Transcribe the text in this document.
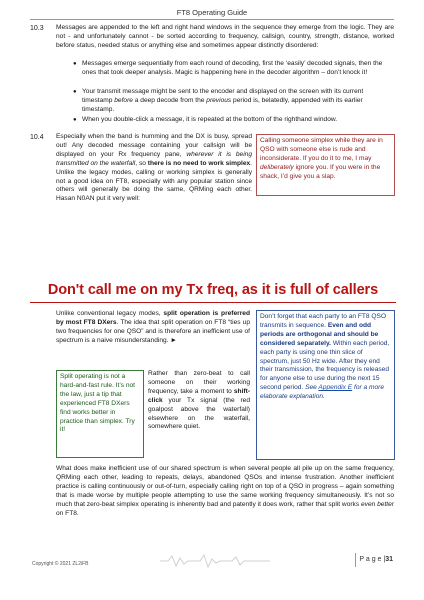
FT8 Operating Guide
10.3 Messages are appended to the left and right hand windows in the sequence they emerge from the logic. They are not - and unfortunately cannot - be sorted according to frequency, callsign, country, strength, distance, worked before status, needed status or anything else and sometimes appear distinctly disordered:
● Messages emerge sequentially from each round of decoding, first the ‘easily’ decoded signals, then the ones that took deeper analysis. Magic is happening here in the decoder algorithm – don’t knock it!
● Your transmit message might be sent to the encoder and displayed on the screen with its current timestamp before a deep decode from the previous period is, belatedly, appended with its earlier timestamp.
● When you double-click a message, it is repeated at the bottom of the righthand window.
10.4 Especially when the band is humming and the DX is busy, spread out! Any decoded message containing your callsign will be displayed on your Rx frequency pane, wherever it is being transmitted on the waterfall, so there is no need to work simplex. Unlike the legacy modes, calling or working simplex is generally not a good idea on FT8, especially with any popular station since others will generally be doing the same, QRMing each other. Hasan N0AN put it very well:
Calling someone simplex while they are in QSO with someone else is rude and inconsiderate. If you do it to me, I may deliberately ignore you. If you were in the shack, I’d give you a slap.
Don't call me on my Tx freq, as it is full of callers
Unlike conventional legacy modes, split operation is preferred by most FT8 DXers. The idea that split operation on FT8 “ties up two frequencies for one QSO” and is therefore an inefficient use of spectrum is a naive misunderstanding. ►
Split operating is not a hard-and-fast rule. It’s not the law, just a tip that experienced FT8 DXers find works better in practice than simplex. Try it!
Rather than zero-beat to call someone on their working frequency, take a moment to shift-click your Tx signal (the red goalpost above the waterfall) elsewhere on the waterfall, somewhere quiet.
Don’t forget that each party to an FT8 QSO transmits in sequence. Even and odd periods are orthogonal and should be considered separately. Within each period, each party is using one thin slice of spectrum, just 50 Hz wide. After they end their transmission, the frequency is released for anyone else to use during the next 15 second period. See Appendix E for a more elaborate explanation.
What does make inefficient use of our shared spectrum is when several people all pile up on the same frequency, QRMing each other, leading to repeats, delays, abandoned QSOs and intense frustration. Another inefficient practice is calling continuously or out-of-turn, especially calling right on top of a QSO in progress – again something that is made worse by multiple people attempting to use the same working frequency simultaneously. It’s not so much that zero-beat simplex operating is inherently bad and patently it does work, rather that split works even better on FT8.
Copyright © 2021 ZL2iFB
P a g e |31
